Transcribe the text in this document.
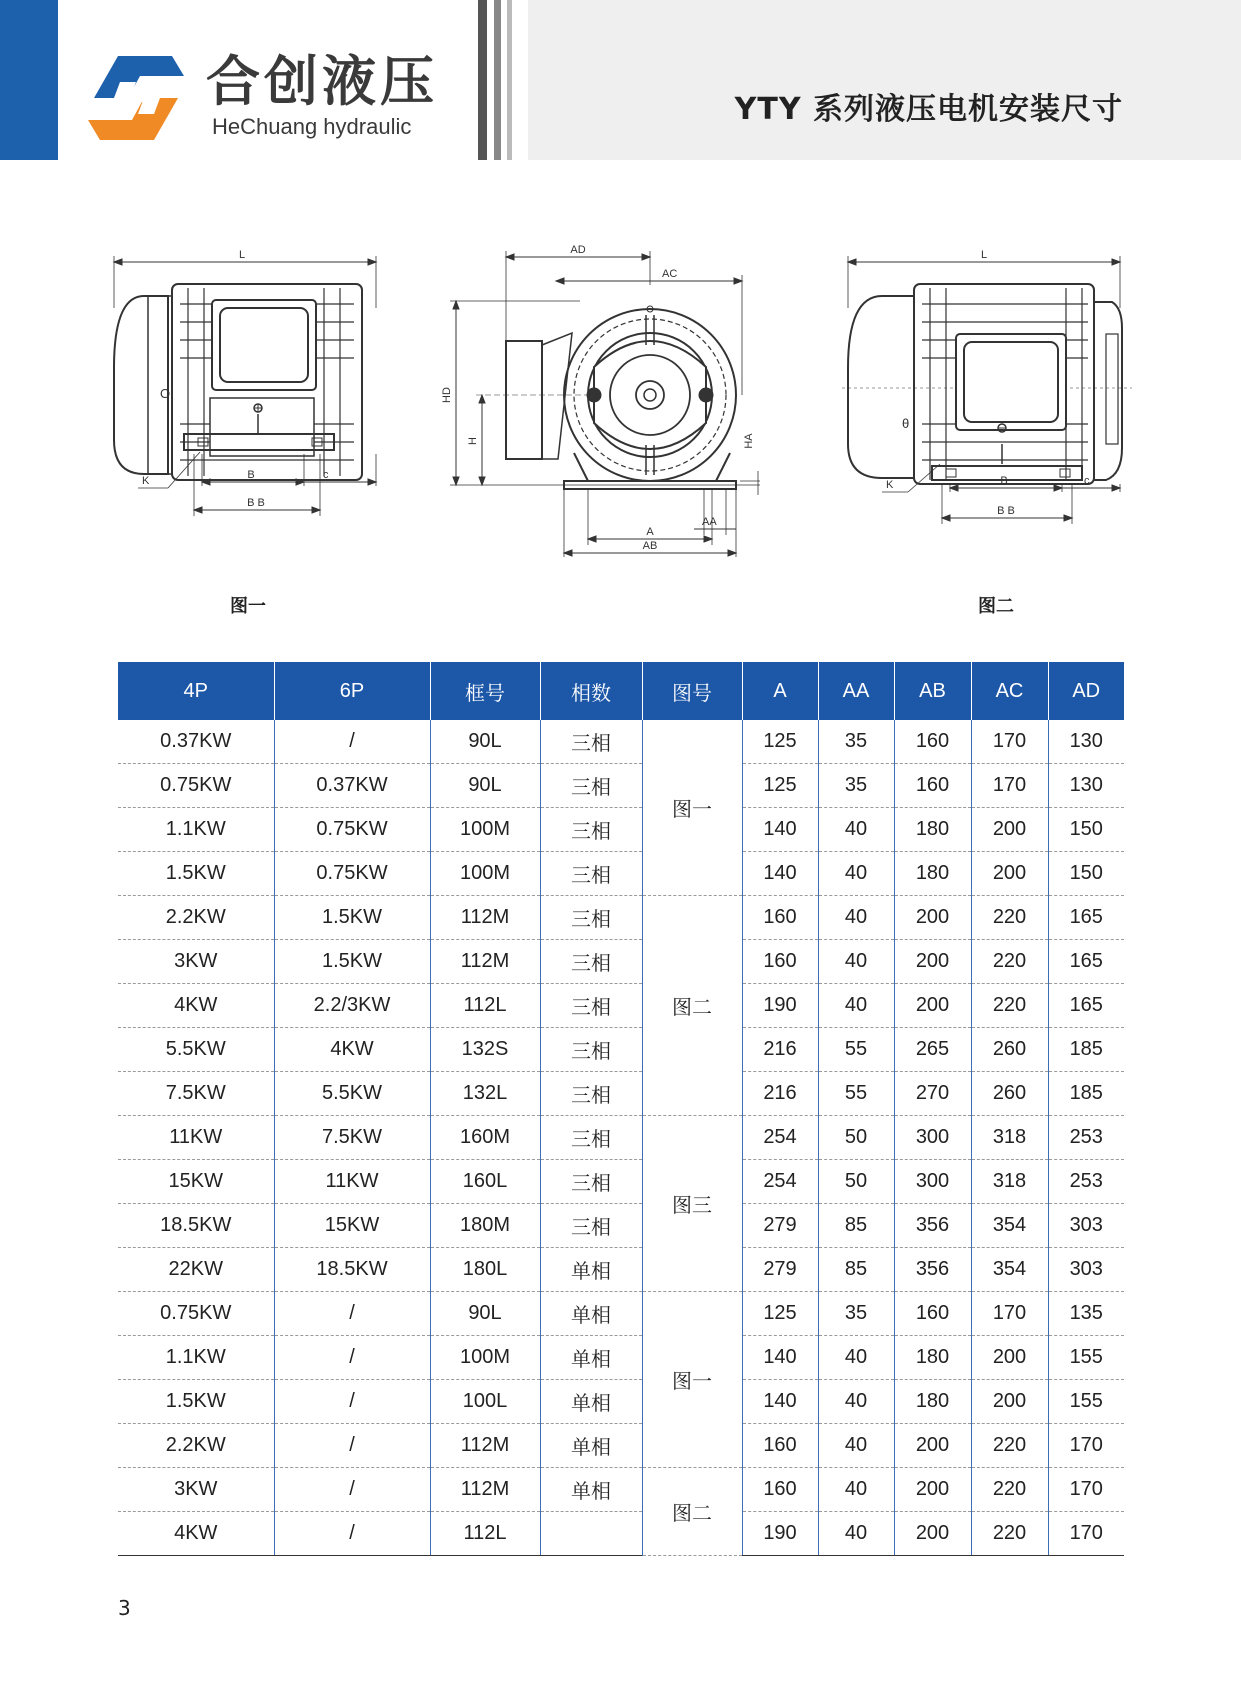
合创液压
HeChuang hydraulic	YTY 系列液压电机安装尺寸
L
O
B	c
B B
K
图一
AD
AC
HD
H	HA
AA
A
AB
L
θ
B	c
B B
K
图二
4P	6P	框号	相数	图号	A	AA	AB	AC	AD
0.37KW	/	90L	三相	图一	125	35	160	170	130
0.75KW	0.37KW	90L	三相		125	35	160	170	130
1.1KW	0.75KW	100M	三相		140	40	180	200	150
1.5KW	0.75KW	100M	三相		140	40	180	200	150
2.2KW	1.5KW	112M	三相	图二	160	40	200	220	165
3KW	1.5KW	112M	三相		160	40	200	220	165
4KW	2.2/3KW	112L	三相		190	40	200	220	165
5.5KW	4KW	132S	三相		216	55	265	260	185
7.5KW	5.5KW	132L	三相		216	55	270	260	185
11KW	7.5KW	160M	三相	图三	254	50	300	318	253
15KW	11KW	160L	三相		254	50	300	318	253
18.5KW	15KW	180M	三相		279	85	356	354	303
22KW	18.5KW	180L	单相		279	85	356	354	303
0.75KW	/	90L	单相	图一	125	35	160	170	135
1.1KW	/	100M	单相		140	40	180	200	155
1.5KW	/	100L	单相		140	40	180	200	155
2.2KW	/	112M	单相		160	40	200	220	170
3KW	/	112M	单相	图二	160	40	200	220	170
4KW	/	112L			190	40	200	220	170
3
